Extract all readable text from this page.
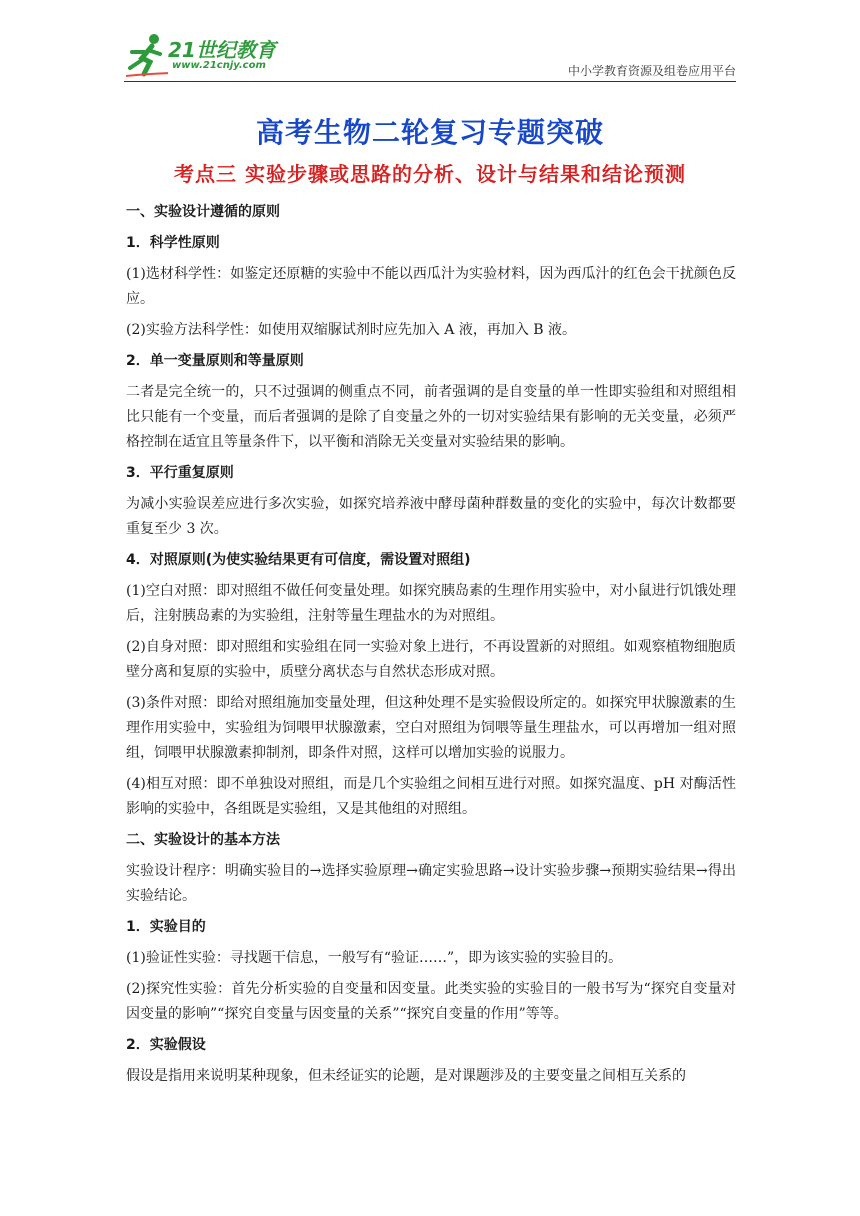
21世纪教育
www.21cnjy.com	中小学教育资源及组卷应用平台
高考生物二轮复习专题突破
考点三 实验步骤或思路的分析、设计与结果和结论预测

一、实验设计遵循的原则

1．科学性原则

(1)选材科学性：如鉴定还原糖的实验中不能以西瓜汁为实验材料，因为西瓜汁的红色会干扰颜色反应。

(2)实验方法科学性：如使用双缩脲试剂时应先加入 A 液，再加入 B 液。

2．单一变量原则和等量原则

二者是完全统一的，只不过强调的侧重点不同，前者强调的是自变量的单一性即实验组和对照组相比只能有一个变量，而后者强调的是除了自变量之外的一切对实验结果有影响的无关变量，必须严格控制在适宜且等量条件下，以平衡和消除无关变量对实验结果的影响。

3．平行重复原则

为减小实验误差应进行多次实验，如探究培养液中酵母菌种群数量的变化的实验中，每次计数都要重复至少 3 次。

4．对照原则(为使实验结果更有可信度，需设置对照组)

(1)空白对照：即对照组不做任何变量处理。如探究胰岛素的生理作用实验中，对小鼠进行饥饿处理后，注射胰岛素的为实验组，注射等量生理盐水的为对照组。

(2)自身对照：即对照组和实验组在同一实验对象上进行，不再设置新的对照组。如观察植物细胞质壁分离和复原的实验中，质壁分离状态与自然状态形成对照。

(3)条件对照：即给对照组施加变量处理，但这种处理不是实验假设所定的。如探究甲状腺激素的生理作用实验中，实验组为饲喂甲状腺激素，空白对照组为饲喂等量生理盐水，可以再增加一组对照组，饲喂甲状腺激素抑制剂，即条件对照，这样可以增加实验的说服力。

(4)相互对照：即不单独设对照组，而是几个实验组之间相互进行对照。如探究温度、pH 对酶活性影响的实验中，各组既是实验组，又是其他组的对照组。

二、实验设计的基本方法

实验设计程序：明确实验目的→选择实验原理→确定实验思路→设计实验步骤→预期实验结果→得出实验结论。

1．实验目的

(1)验证性实验：寻找题干信息，一般写有“验证……”，即为该实验的实验目的。

(2)探究性实验：首先分析实验的自变量和因变量。此类实验的实验目的一般书写为“探究自变量对因变量的影响”“探究自变量与因变量的关系”“探究自变量的作用”等等。

2．实验假设

假设是指用来说明某种现象，但未经证实的论题，是对课题涉及的主要变量之间相互关系的
